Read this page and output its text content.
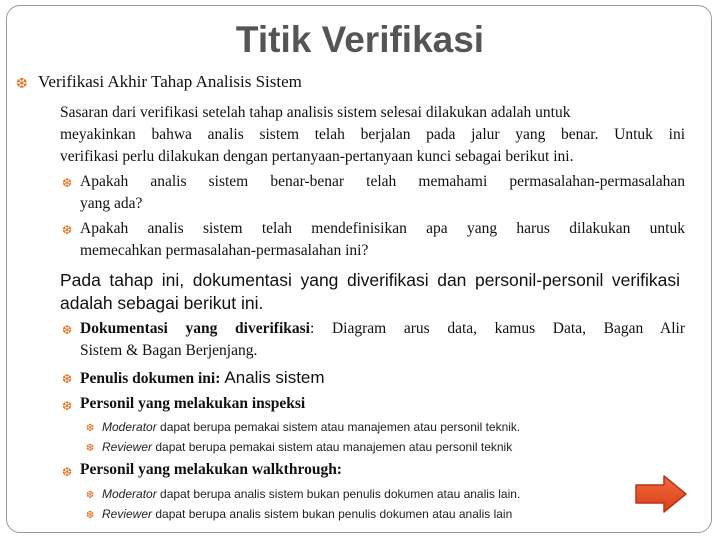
Titik Verifikasi
❆ Verifikasi Akhir Tahap Analisis Sistem
Sasaran dari verifikasi setelah tahap analisis sistem selesai dilakukan adalah untuk
meyakinkan bahwa analis sistem telah berjalan pada jalur yang benar. Untuk ini
verifikasi perlu dilakukan dengan pertanyaan-pertanyaan kunci sebagai berikut ini.
❆ Apakah analis sistem benar-benar telah memahami permasalahan-permasalahan
yang ada?
❆ Apakah analis sistem telah mendefinisikan apa yang harus dilakukan untuk
memecahkan permasalahan-permasalahan ini?
Pada tahap ini, dokumentasi yang diverifikasi dan personil-personil verifikasi
adalah sebagai berikut ini.
❆ Dokumentasi yang diverifikasi: Diagram arus data, kamus Data, Bagan Alir
Sistem & Bagan Berjenjang.
❆ Penulis dokumen ini: Analis sistem
❆ Personil yang melakukan inspeksi
❆ Moderator dapat berupa pemakai sistem atau manajemen atau personil teknik.
❆ Reviewer dapat berupa pemakai sistem atau manajemen atau personil teknik
❆ Personil yang melakukan walkthrough:
❆ Moderator dapat berupa analis sistem bukan penulis dokumen atau analis lain.
❆ Reviewer dapat berupa analis sistem bukan penulis dokumen atau analis lain
